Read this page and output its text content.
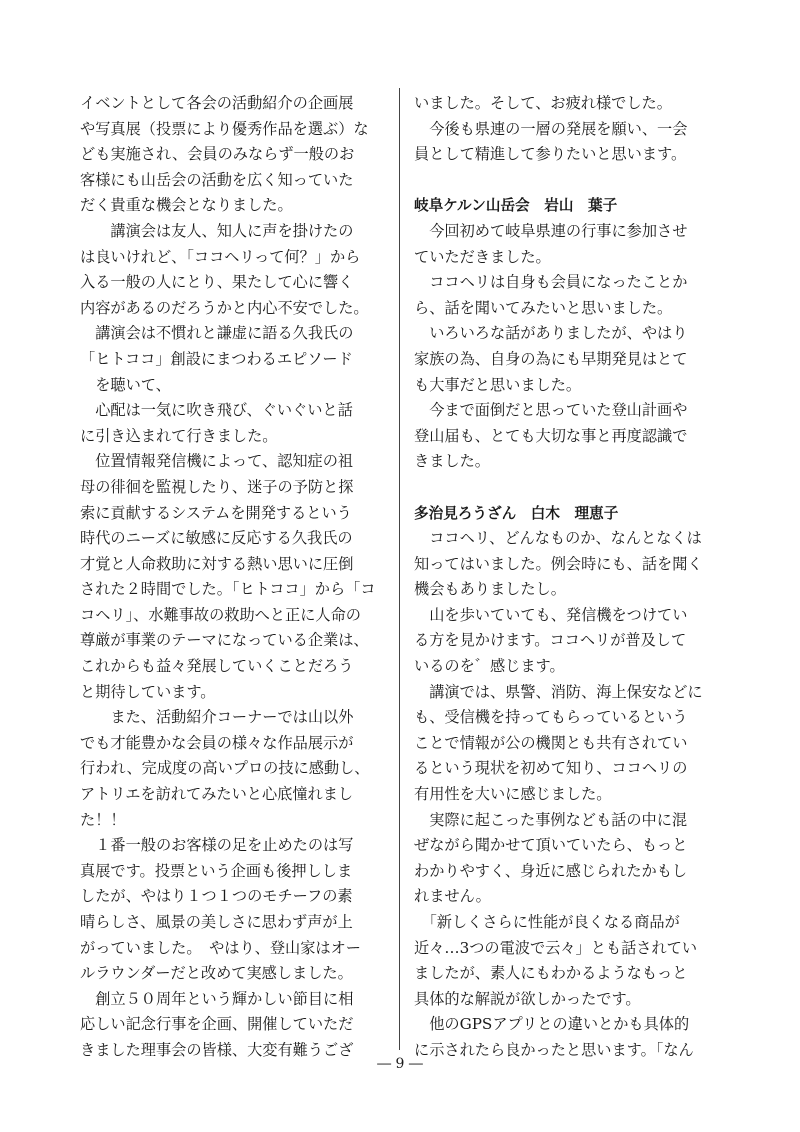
イベントとして各会の活動紹介の企画展
や写真展（投票により優秀作品を選ぶ）な
ども実施され、会員のみならず一般のお
客様にも山岳会の活動を広く知っていた
だく貴重な機会となりました。
　　講演会は友人、知人に声を掛けたの
は良いけれど、「ココヘリって何？」から
入る一般の人にとり、果たして心に響く
内容があるのだろうかと内心不安でした。
　講演会は不慣れと謙虚に語る久我氏の
「ヒトココ」創設にまつわるエピソード
　を聴いて、
　心配は一気に吹き飛び、ぐいぐいと話
に引き込まれて行きました。
　位置情報発信機によって、認知症の祖
母の徘徊を監視したり、迷子の予防と探
索に貢献するシステムを開発するという
時代のニーズに敏感に反応する久我氏の
才覚と人命救助に対する熱い思いに圧倒
された２時間でした。「ヒトココ」から「コ
コヘリ」、水難事故の救助へと正に人命の
尊厳が事業のテーマになっている企業は、
これからも益々発展していくことだろう
と期待しています。
　　また、活動紹介コーナーでは山以外
でも才能豊かな会員の様々な作品展示が
行われ、完成度の高いプロの技に感動し、
アトリエを訪れてみたいと心底憧れまし
た！！
　１番一般のお客様の足を止めたのは写
真展です。投票という企画も後押ししま
したが、やはり１つ１つのモチーフの素
晴らしさ、風景の美しさに思わず声が上
がっていました。　やはり、登山家はオー
ルラウンダーだと改めて実感しました。
　創立５０周年という輝かしい節目に相
応しい記念行事を企画、開催していただ
きました理事会の皆様、大変有難うござ
いました。そして、お疲れ様でした。
　今後も県連の一層の発展を願い、一会
員として精進して参りたいと思います。
岐阜ケルン山岳会　岩山　葉子
　今回初めて岐阜県連の行事に参加させ
ていただきました。
　ココヘリは自身も会員になったことか
ら、話を聞いてみたいと思いました。
　いろいろな話がありましたが、やはり
家族の為、自身の為にも早期発見はとて
も大事だと思いました。
　今まで面倒だと思っていた登山計画や
登山届も、とても大切な事と再度認識で
きました。
多治見ろうざん　白木　理恵子
　ココヘリ、どんなものか、なんとなくは
知ってはいました。例会時にも、話を聞く
機会もありましたし。
　山を歩いていても、発信機をつけてい
る方を見かけます。ココヘリが普及して
いるのを゛感じます。
　講演では、県警、消防、海上保安などに
も、受信機を持ってもらっているという
ことで情報が公の機関とも共有されてい
るという現状を初めて知り、ココヘリの
有用性を大いに感じました。
　実際に起こった事例なども話の中に混
ぜながら聞かせて頂いていたら、もっと
わかりやすく、身近に感じられたかもし
れません。
　「新しくさらに性能が良くなる商品が
近々…3つの電波で云々」とも話されてい
ましたが、素人にもわかるようなもっと
具体的な解説が欲しかったです。
　他のGPSアプリとの違いとかも具体的
に示されたら良かったと思います。「なん
― 9 ―
